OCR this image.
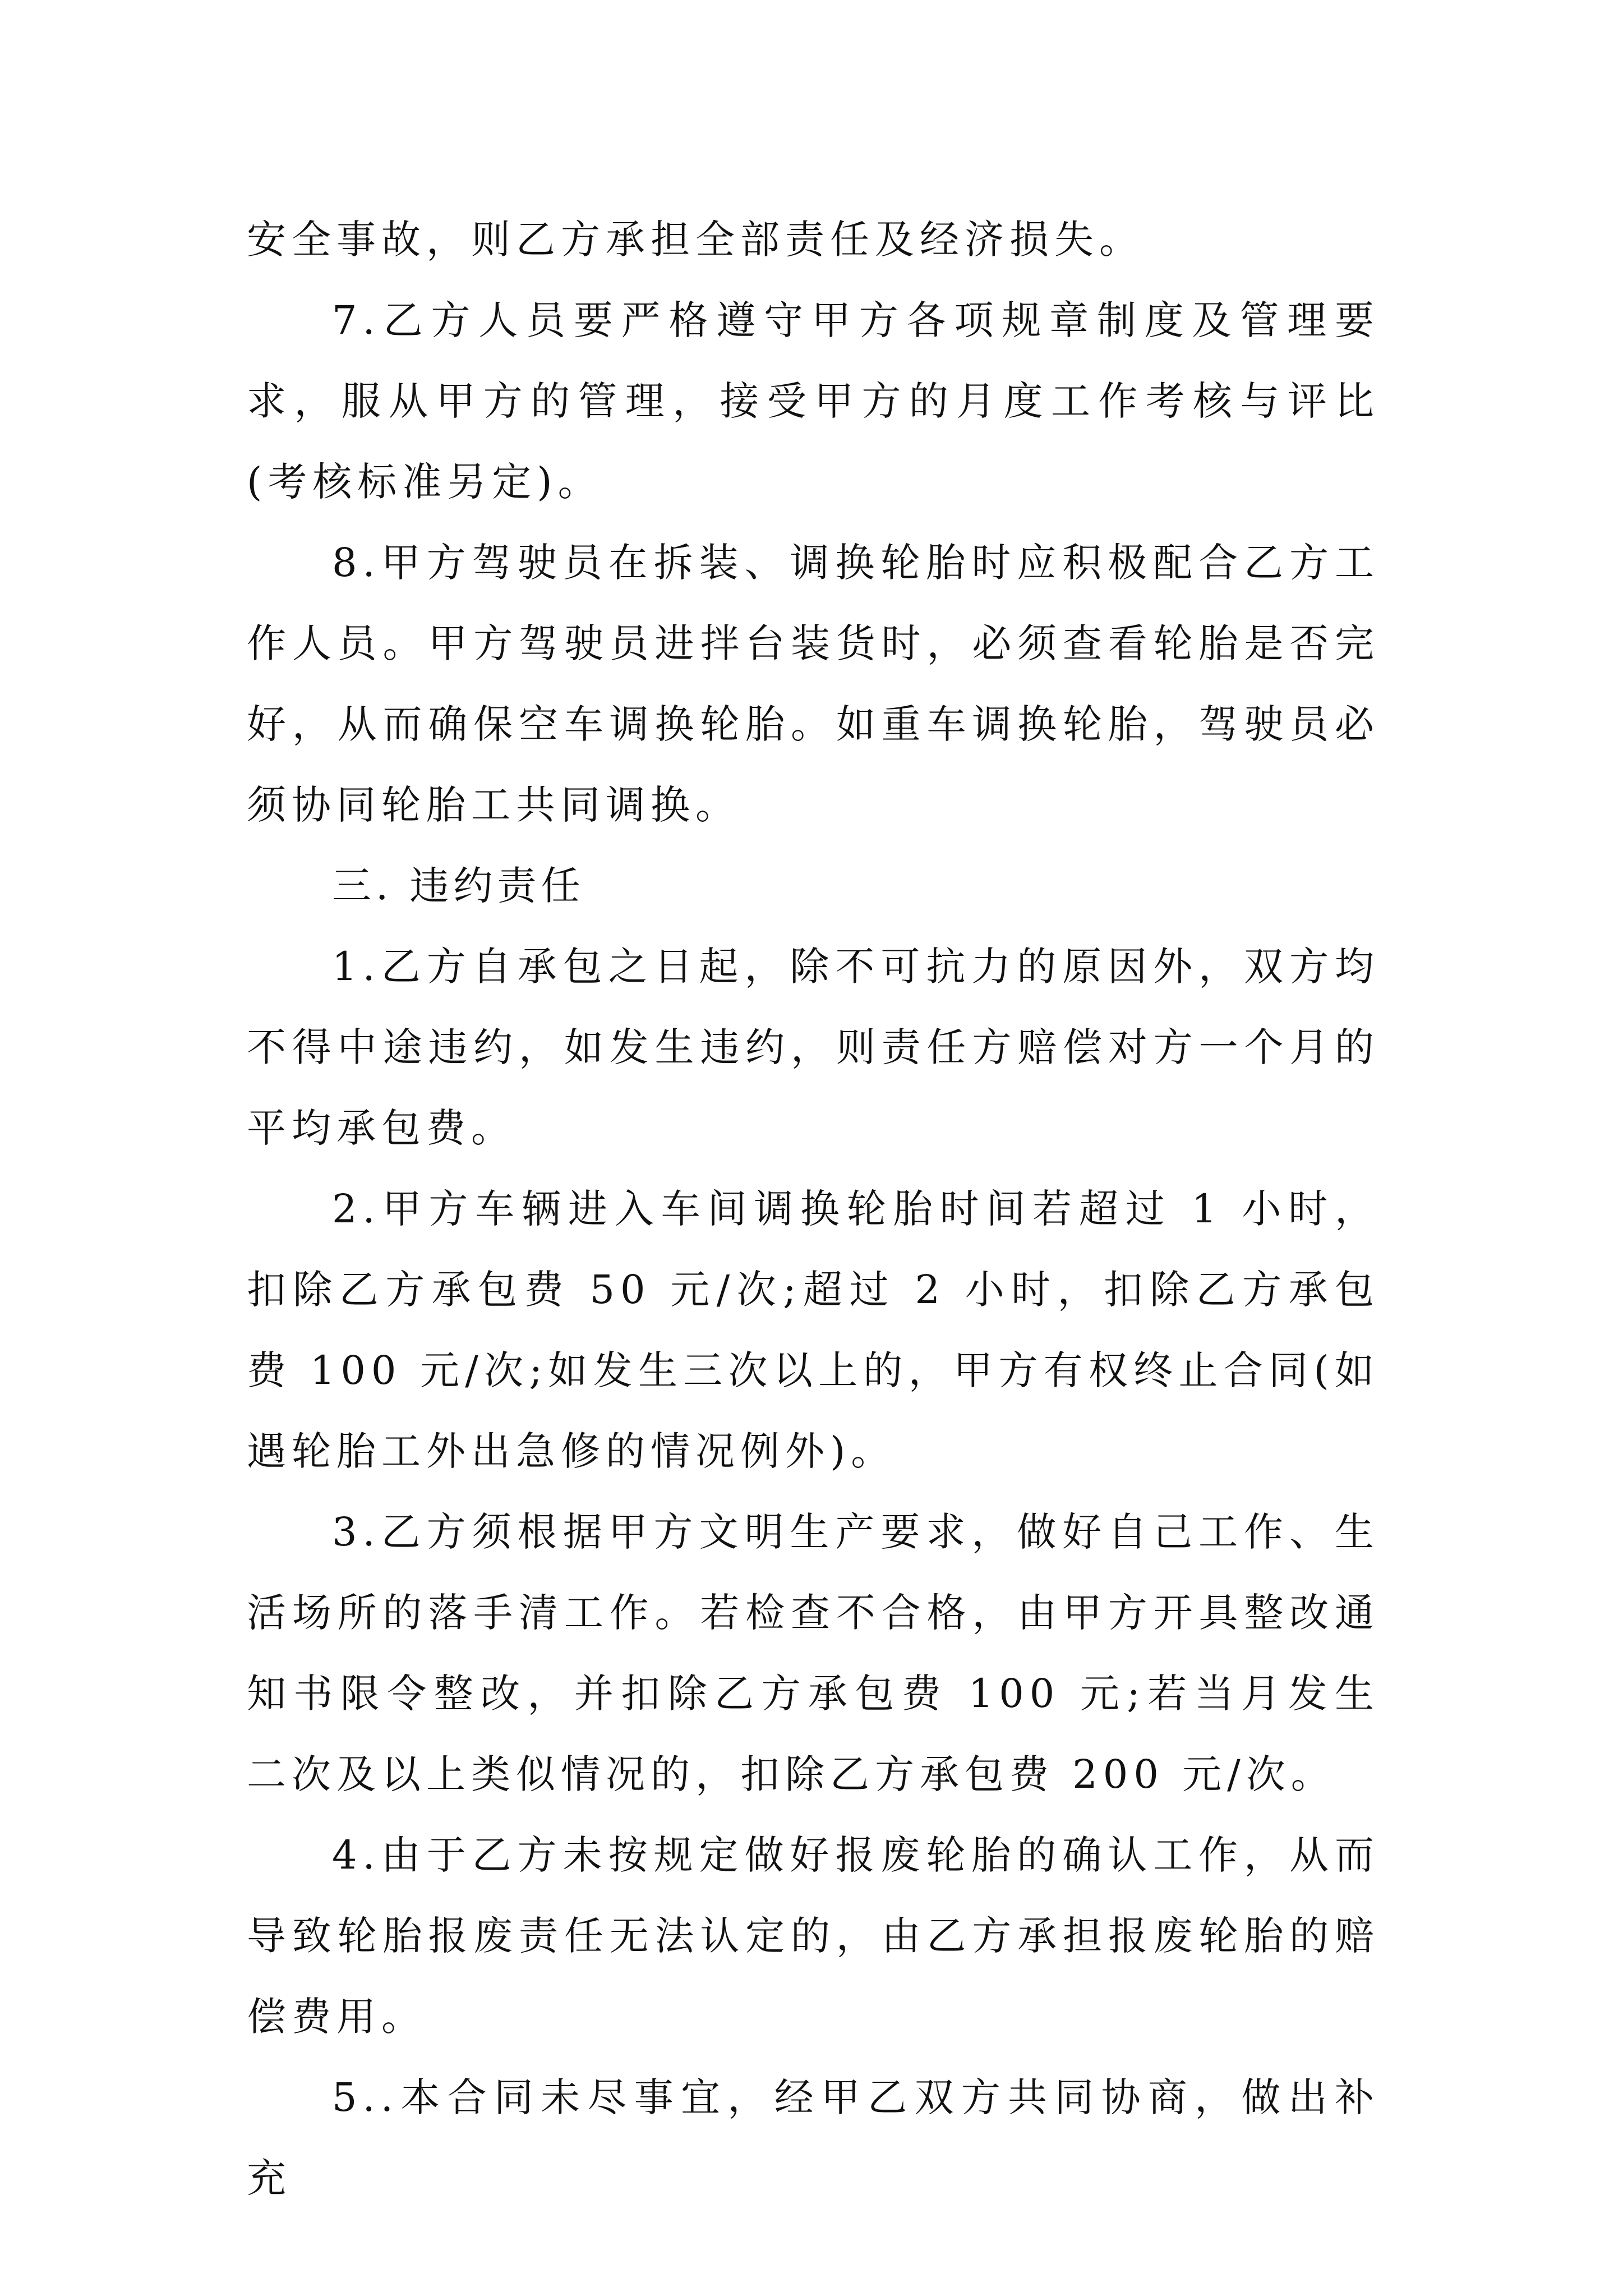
安全事故，则乙方承担全部责任及经济损失。

7.乙方人员要严格遵守甲方各项规章制度及管理要求，服从甲方的管理，接受甲方的月度工作考核与评比(考核标准另定)。

8.甲方驾驶员在拆装、调换轮胎时应积极配合乙方工作人员。甲方驾驶员进拌台装货时，必须查看轮胎是否完好，从而确保空车调换轮胎。如重车调换轮胎，驾驶员必须协同轮胎工共同调换。

三. 违约责任

1.乙方自承包之日起，除不可抗力的原因外，双方均不得中途违约，如发生违约，则责任方赔偿对方一个月的平均承包费。

2.甲方车辆进入车间调换轮胎时间若超过 1 小时，扣除乙方承包费 50 元/次;超过 2 小时，扣除乙方承包费 100 元/次;如发生三次以上的，甲方有权终止合同(如遇轮胎工外出急修的情况例外)。

3.乙方须根据甲方文明生产要求，做好自己工作、生活场所的落手清工作。若检查不合格，由甲方开具整改通知书限令整改，并扣除乙方承包费 100 元;若当月发生二次及以上类似情况的，扣除乙方承包费 200 元/次。

4.由于乙方未按规定做好报废轮胎的确认工作，从而导致轮胎报废责任无法认定的，由乙方承担报废轮胎的赔偿费用。

5..本合同未尽事宜，经甲乙双方共同协商，做出补充
